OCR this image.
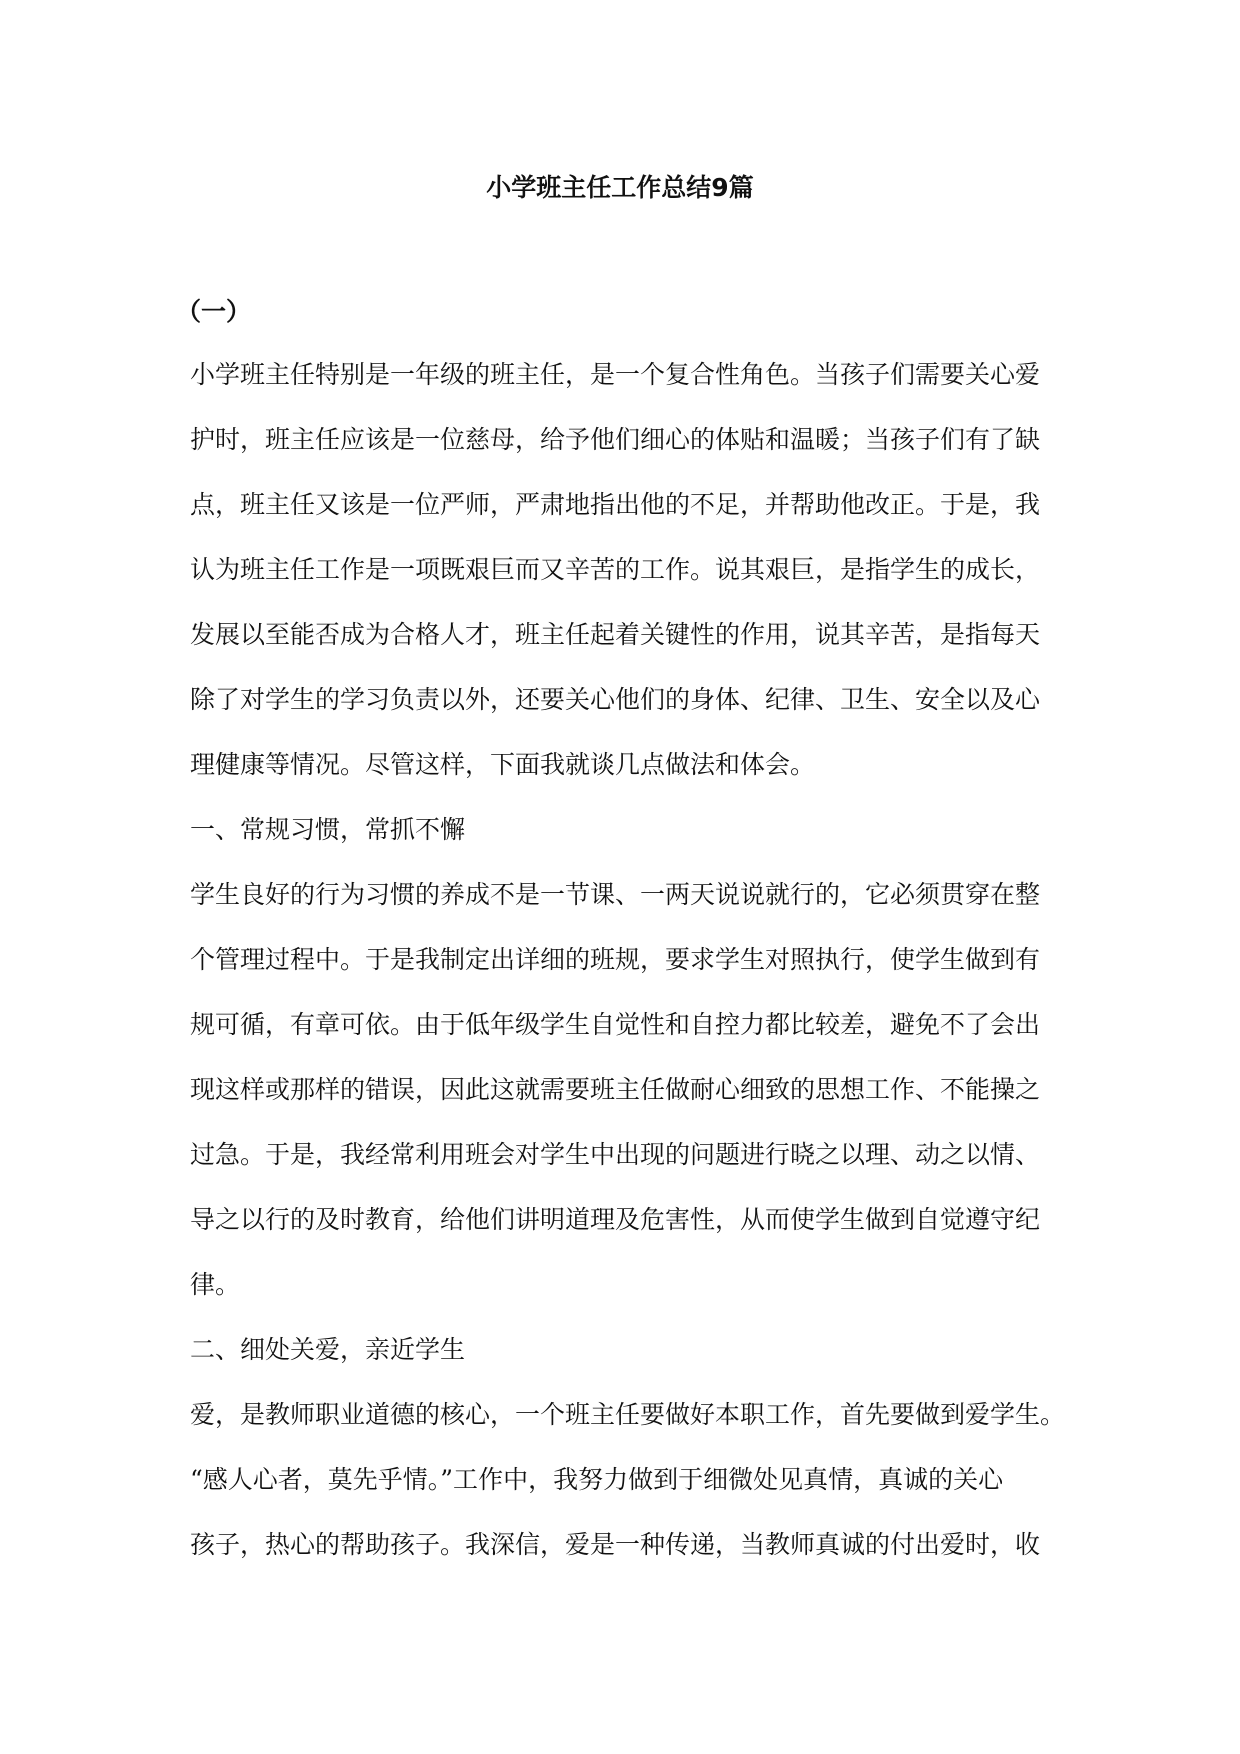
小学班主任工作总结9篇
（一）
小学班主任特别是一年级的班主任，是一个复合性角色。当孩子们需要关心爱
护时，班主任应该是一位慈母，给予他们细心的体贴和温暖；当孩子们有了缺
点，班主任又该是一位严师，严肃地指出他的不足，并帮助他改正。于是，我
认为班主任工作是一项既艰巨而又辛苦的工作。说其艰巨，是指学生的成长，
发展以至能否成为合格人才，班主任起着关键性的作用，说其辛苦，是指每天
除了对学生的学习负责以外，还要关心他们的身体、纪律、卫生、安全以及心
理健康等情况。尽管这样，下面我就谈几点做法和体会。
一、常规习惯，常抓不懈
学生良好的行为习惯的养成不是一节课、一两天说说就行的，它必须贯穿在整
个管理过程中。于是我制定出详细的班规，要求学生对照执行，使学生做到有
规可循，有章可依。由于低年级学生自觉性和自控力都比较差，避免不了会出
现这样或那样的错误，因此这就需要班主任做耐心细致的思想工作、不能操之
过急。于是，我经常利用班会对学生中出现的问题进行晓之以理、动之以情、
导之以行的及时教育，给他们讲明道理及危害性，从而使学生做到自觉遵守纪
律。
二、细处关爱，亲近学生
爱，是教师职业道德的核心，一个班主任要做好本职工作，首先要做到爱学生。
“感人心者，莫先乎情。”工作中，我努力做到于细微处见真情，真诚的关心
孩子，热心的帮助孩子。我深信，爱是一种传递，当教师真诚的付出爱时，收
